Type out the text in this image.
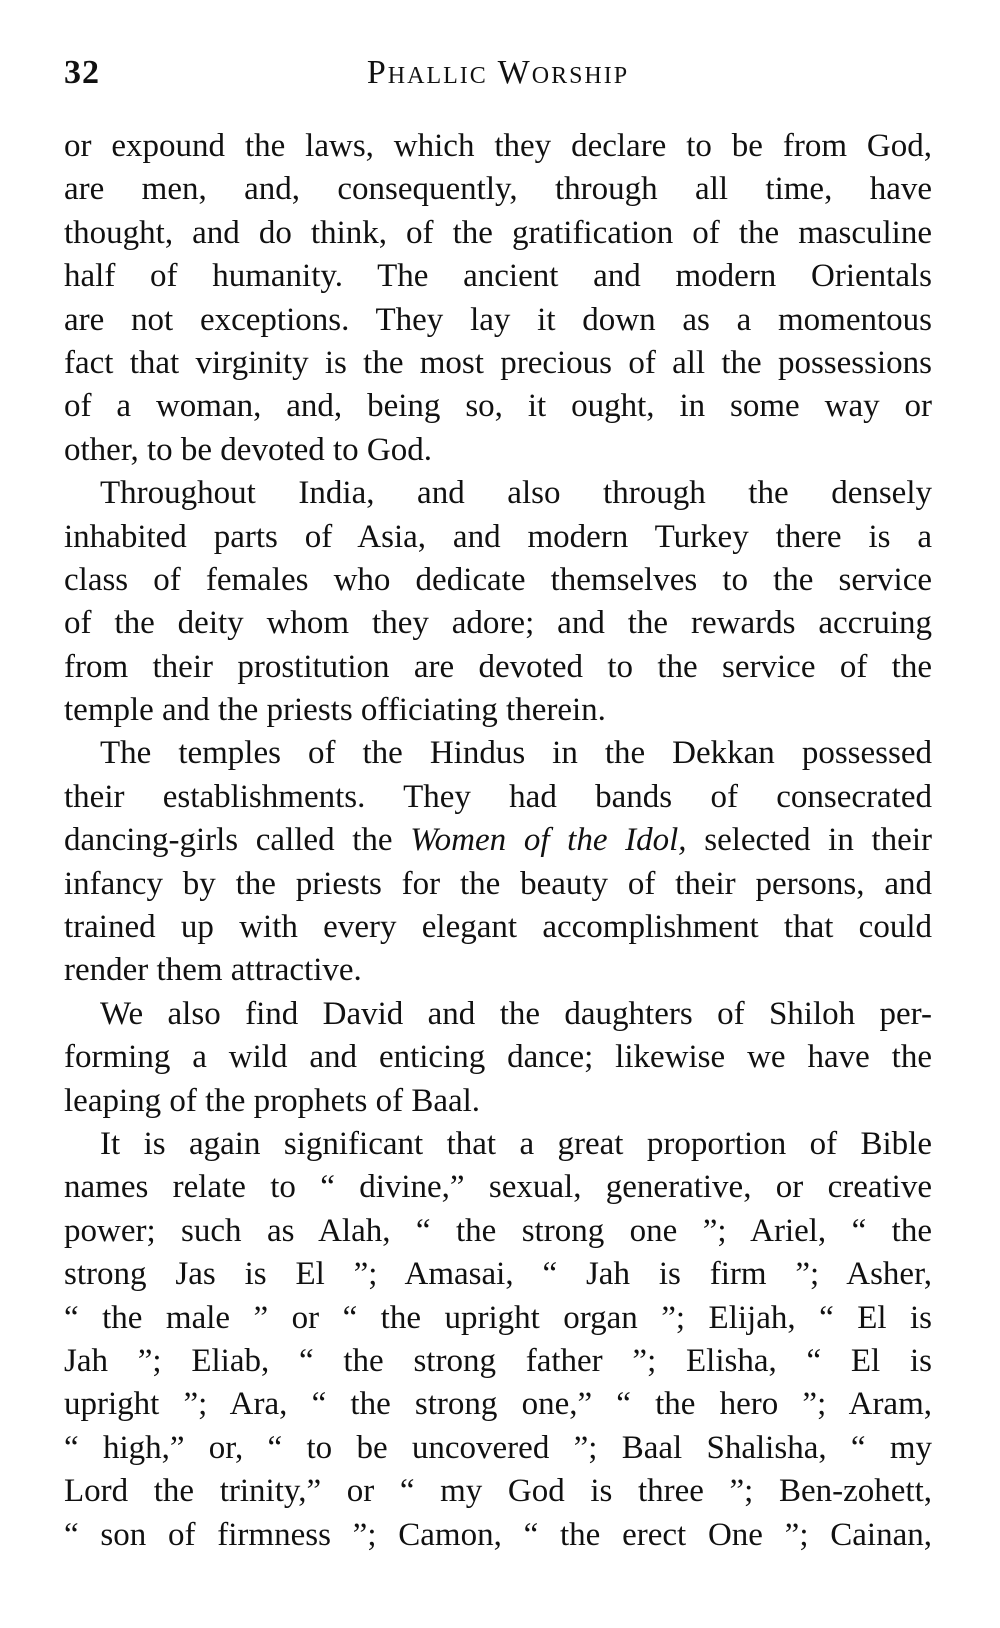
32	Phallic Worship
or expound the laws, which they declare to be from God,
are men, and, consequently, through all time, have
thought, and do think, of the gratification of the masculine
half of humanity. The ancient and modern Orientals
are not exceptions. They lay it down as a momentous
fact that virginity is the most precious of all the possessions
of a woman, and, being so, it ought, in some way or
other, to be devoted to God.
Throughout India, and also through the densely
inhabited parts of Asia, and modern Turkey there is a
class of females who dedicate themselves to the service
of the deity whom they adore; and the rewards accruing
from their prostitution are devoted to the service of the
temple and the priests officiating therein.
The temples of the Hindus in the Dekkan possessed
their establishments. They had bands of consecrated
dancing-girls called the Women of the Idol, selected in their
infancy by the priests for the beauty of their persons, and
trained up with every elegant accomplishment that could
render them attractive.
We also find David and the daughters of Shiloh per-
forming a wild and enticing dance; likewise we have the
leaping of the prophets of Baal.
It is again significant that a great proportion of Bible
names relate to “ divine,” sexual, generative, or creative
power; such as Alah, “ the strong one ”; Ariel, “ the
strong Jas is El ”; Amasai, “ Jah is firm ”; Asher,
“ the male ” or “ the upright organ ”; Elijah, “ El is
Jah ”; Eliab, “ the strong father ”; Elisha, “ El is
upright ”; Ara, “ the strong one,” “ the hero ”; Aram,
“ high,” or, “ to be uncovered ”; Baal Shalisha, “ my
Lord the trinity,” or “ my God is three ”; Ben-zohett,
“ son of firmness ”; Camon, “ the erect One ”; Cainan,
